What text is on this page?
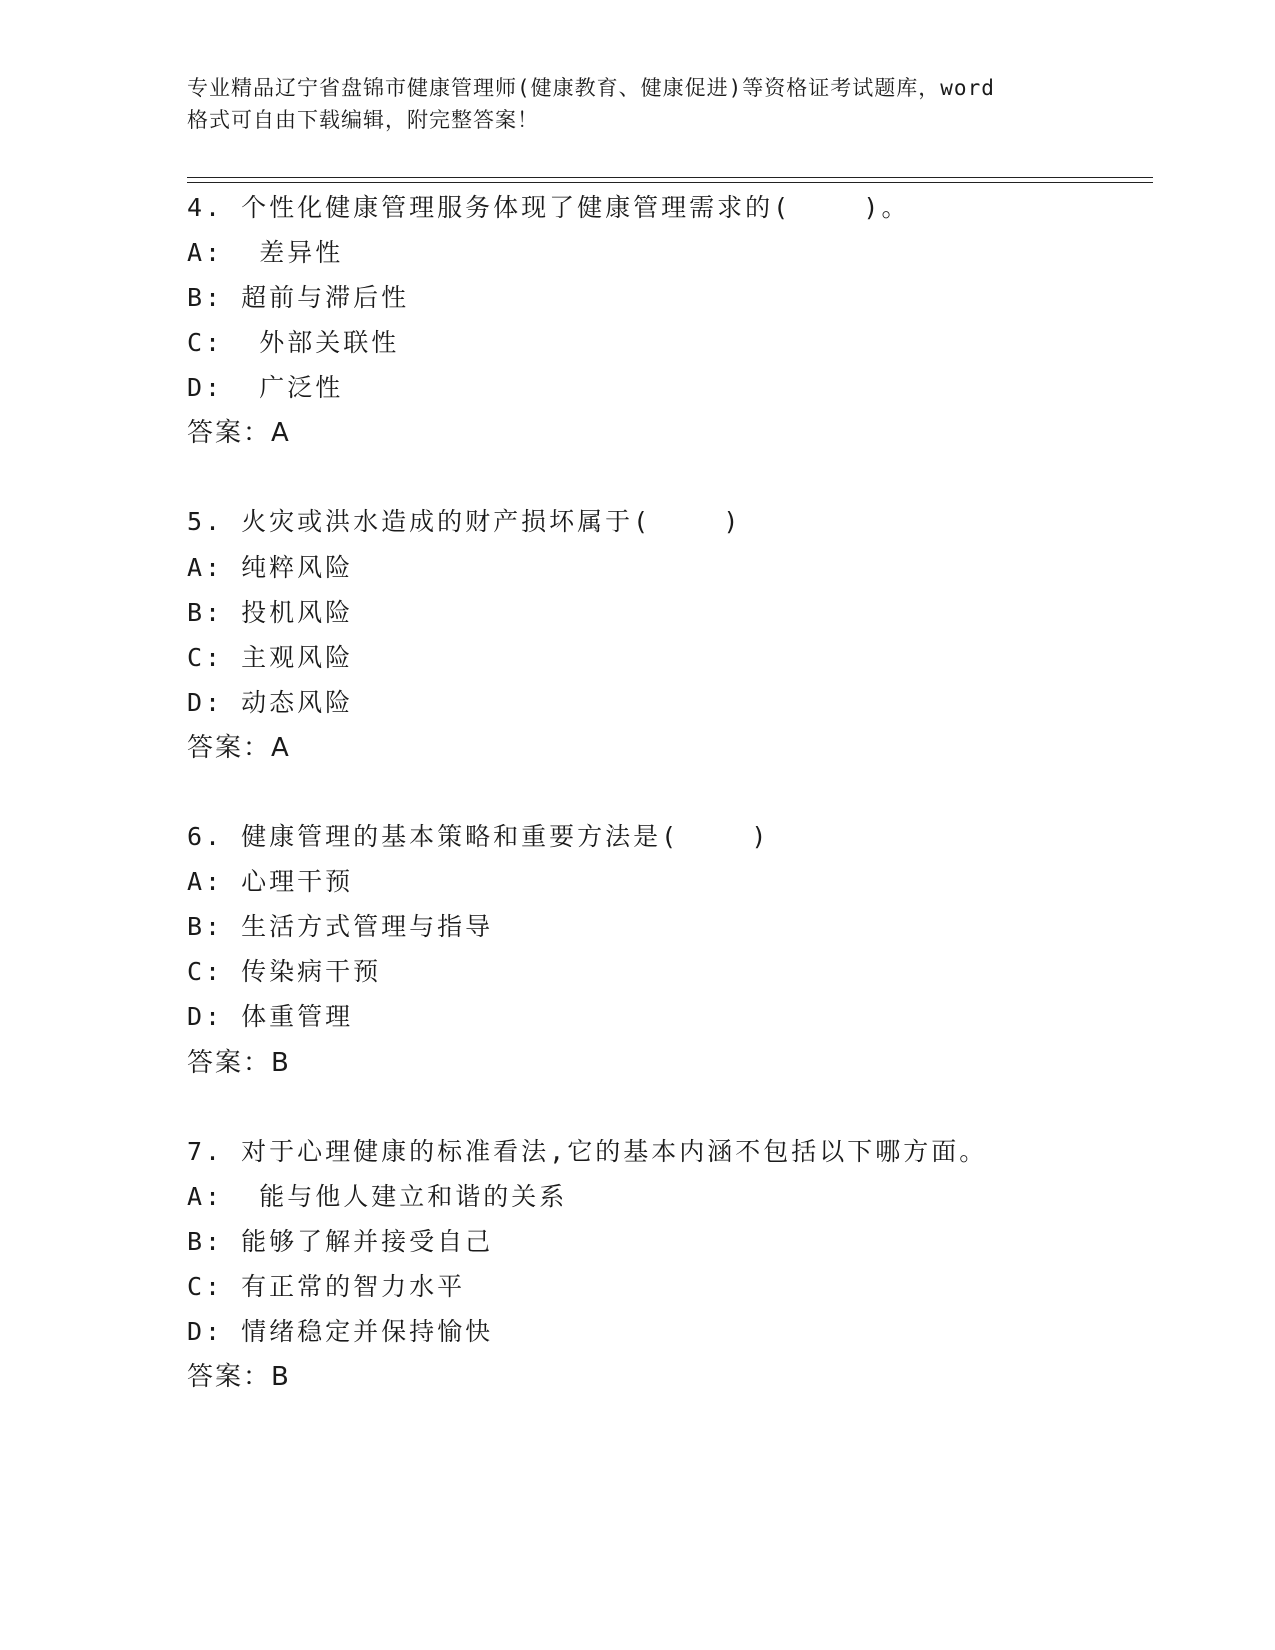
专业精品辽宁省盘锦市健康管理师(健康教育、健康促进)等资格证考试题库，word
格式可自由下载编辑，附完整答案！
4. 个性化健康管理服务体现了健康管理需求的(    )。
A:  差异性
B: 超前与滞后性
C:  外部关联性
D:  广泛性
答案：A
5. 火灾或洪水造成的财产损坏属于(    )
A: 纯粹风险
B: 投机风险
C: 主观风险
D: 动态风险
答案：A
6. 健康管理的基本策略和重要方法是(    )
A: 心理干预
B: 生活方式管理与指导
C: 传染病干预
D: 体重管理
答案：B
7. 对于心理健康的标准看法,它的基本内涵不包括以下哪方面。
A:  能与他人建立和谐的关系
B: 能够了解并接受自己
C: 有正常的智力水平
D: 情绪稳定并保持愉快
答案：B
